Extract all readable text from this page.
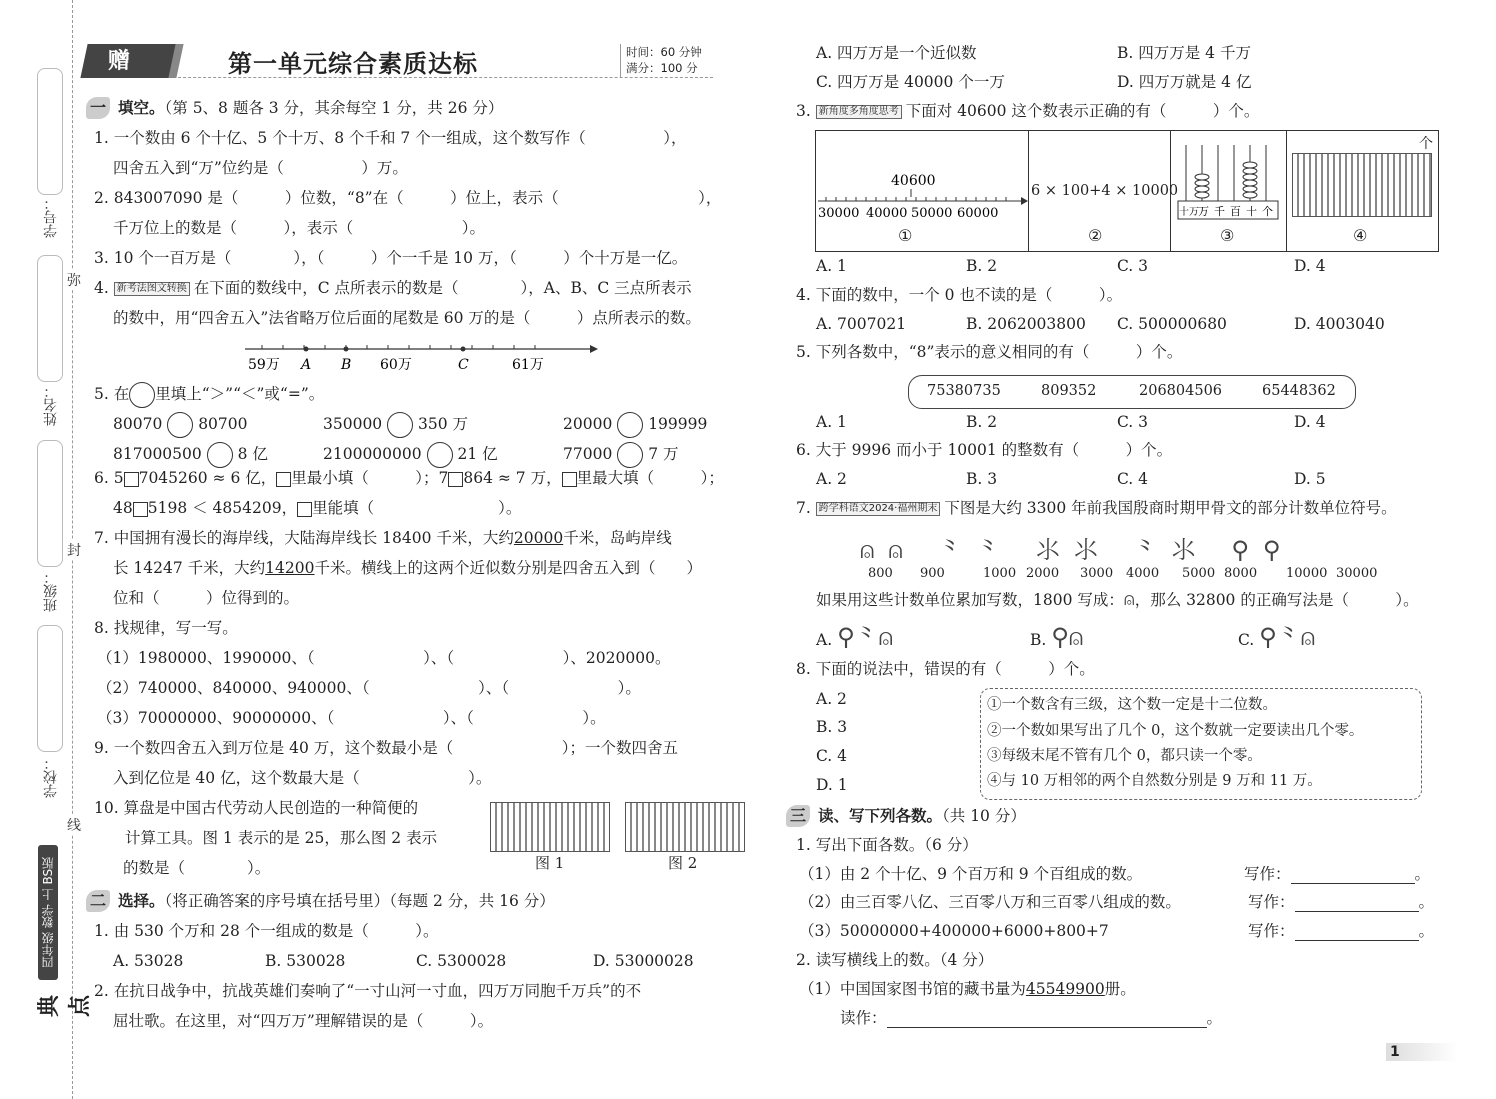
学号：
姓名：
班级：
学校：
弥
封
线
四年级 数学 上 BS版
典点
赠	第一单元综合素质达标	时间：60 分钟
满分：100 分
一 填空。（第 5、8 题各 3 分，其余每空 1 分，共 26 分）
1. 一个数由 6 个十亿、5 个十万、8 个千和 7 个一组成，这个数写作（　　　　　），
四舍五入到“万”位约是（　　　　　）万。
2. 843007090 是（　　　）位数，“8”在（　　　）位上，表示（　　　　　　　　　），
千万位上的数是（　　　），表示（　　　　　　　）。
3. 10 个一百万是（　　　　），（　　　）个一千是 10 万，（　　　）个十万是一亿。
4. 新考法图文转换 在下面的数线中，C 点所表示的数是（　　　　），A、B、C 三点所表示
的数中，用“四舍五入”法省略万位后面的尾数是 60 万的是（　　　）点所表示的数。
59万 A B 60万	C	61万
5. 在 里填上“＞”“＜”或“=”。
80070 80700	350000 350 万	20000 199999
817000500 8 亿	2100000000 21 亿	77000 7 万
6. 5 7045260 ≈ 6 亿， 里最小填（　　　）；7 864 ≈ 7 万， 里最大填（　　　）；
48 5198 ＜ 4854209， 里能填（　　　　　　　　）。
7. 中国拥有漫长的海岸线，大陆海岸线长 18400 千米，大约20000千米，岛屿岸线
长 14247 千米，大约14200千米。横线上的这两个近似数分别是四舍五入到（　　）
位和（　　　）位得到的。
8. 找规律，写一写。
（1）1980000、1990000、（　　　　　　　）、（　　　　　　　）、2020000。
（2）740000、840000、940000、（　　　　　　　）、（　　　　　　　）。
（3）70000000、90000000、（　　　　　　　）、（　　　　　　　）。
9. 一个数四舍五入到万位是 40 万，这个数最小是（　　　　　　　）；一个数四舍五
入到亿位是 40 亿，这个数最大是（　　　　　　　）。
10. 算盘是中国古代劳动人民创造的一种简便的
计算工具。图 1 表示的是 25，那么图 2 表示
的数是（　　　　）。	图 1	图 2
二 选择。（将正确答案的序号填在括号里）（每题 2 分，共 16 分）
1. 由 530 个万和 28 个一组成的数是（　　　）。
A. 53028	B. 530028	C. 5300028	D. 53000028
2. 在抗日战争中，抗战英雄们奏响了“一寸山河一寸血，四万万同胞千万兵”的不
屈壮歌。在这里，对“四万万”理解错误的是（　　　）。
A. 四万万是一个近似数	B. 四万万是 4 千万
C. 四万万是 40000 个一万	D. 四万万就是 4 亿
3. 新角度多角度思考 下面对 40600 这个数表示正确的有（　　　）个。
40600
30000 40000 50000 60000
①
6 × 100+4 × 10000
②
十万 万 千 百 十 个
③
个
④
A. 1	B. 2	C. 3	D. 4
4. 下面的数中，一个 0 也不读的是（　　　）。
A. 7007021	B. 2062003800 C. 500000680	D. 4003040
5. 下列各数中，“8”表示的意义相同的有（　　　）个。
75380735	809352	206804506	65448362
A. 1	B. 2	C. 3	D. 4
6. 大于 9996 而小于 10001 的整数有（　　　）个。
A. 2	B. 3	C. 4	D. 5
7. 跨学科语文2024·福州期末 下图是大约 3300 年前我国殷商时期甲骨文的部分计数单位符号。
⍝⍝ ⺀⺀ ⺢⺢ ⺀⺢ ⚲⚲
800 900	1000 2000 3000 4000 5000 8000 10000 30000
如果用这些计数单位累加写数，1800 写成：⍝，那么 32800 的正确写法是（　　　）。
A. ⚲⺀⍝	B. ⚲⍝	C. ⚲⺀⍝
8. 下面的说法中，错误的有（　　　）个。
A. 2
B. 3
C. 4
D. 1
①一个数含有三级，这个数一定是十二位数。
②一个数如果写出了几个 0，这个数就一定要读出几个零。
③每级末尾不管有几个 0，都只读一个零。
④与 10 万相邻的两个自然数分别是 9 万和 11 万。
三 读、写下列各数。（共 10 分）
1. 写出下面各数。（6 分）
（1）由 2 个十亿、9 个百万和 9 个百组成的数。	写作：	。
（2）由三百零八亿、三百零八万和三百零八组成的数。	写作：	。
（3）50000000+400000+6000+800+7	写作：	。
2. 读写横线上的数。（4 分）
（1）中国国家图书馆的藏书量为45549900册。
读作：	。
1
